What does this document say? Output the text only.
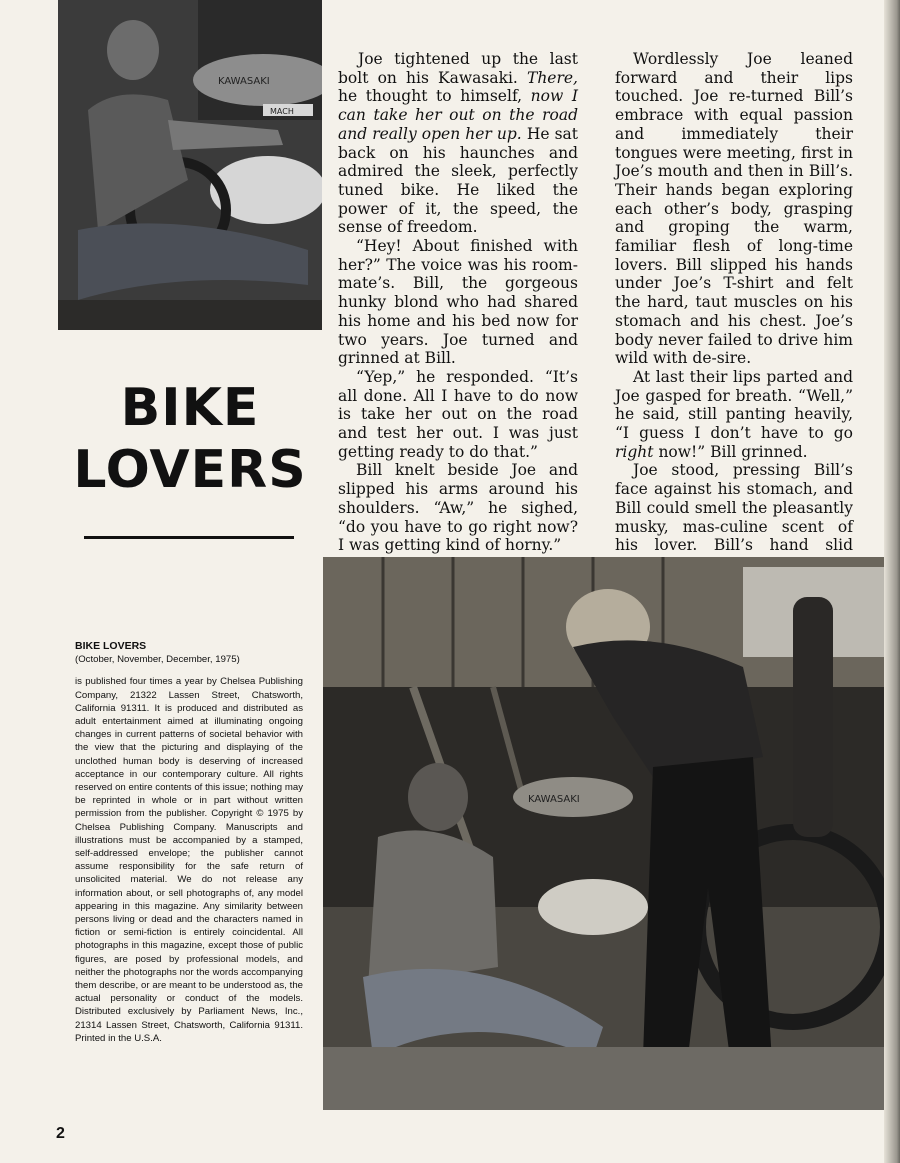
KAWASAKI
MACH
BIKE
LOVERS

Joe tightened up the last bolt on his Kawasaki. There, he thought to himself, now I can take her out on the road and really open her up. He sat back on his haunches and admired the sleek, perfectly tuned bike. He liked the power of it, the speed, the sense of freedom.

“Hey! About finished with her?” The voice was his room-mate’s. Bill, the gorgeous hunky blond who had shared his home and his bed now for two years. Joe turned and grinned at Bill.

“Yep,” he responded. “It’s all done. All I have to do now is take her out on the road and test her out. I was just getting ready to do that.”

Bill knelt beside Joe and slipped his arms around his shoulders. “Aw,” he sighed, “do you have to go right now? I was getting kind of horny.”

Wordlessly Joe leaned forward and their lips touched. Joe re-turned Bill’s embrace with equal passion and immediately their tongues were meeting, first in Joe’s mouth and then in Bill’s. Their hands began exploring each other’s body, grasping and groping the warm, familiar flesh of long-time lovers. Bill slipped his hands under Joe’s T-shirt and felt the hard, taut muscles on his stomach and his chest. Joe’s body never failed to drive him wild with de-sire.

At last their lips parted and Joe gasped for breath. “Well,” he said, still panting heavily, “I guess I don’t have to go right now!” Bill grinned.

Joe stood, pressing Bill’s face against his stomach, and Bill could smell the pleasantly musky, mas-culine scent of his lover. Bill’s hand slid

BIKE LOVERS
(October, November, December, 1975)
is published four times a year by Chelsea Publishing Company, 21322 Lassen Street, Chatsworth, California 91311. It is produced and distributed as adult entertainment aimed at illuminating ongoing changes in current patterns of societal behavior with the view that the picturing and displaying of the unclothed human body is deserving of increased acceptance in our contemporary culture. All rights reserved on entire contents of this issue; nothing may be reprinted in whole or in part without written permission from the publisher. Copyright © 1975 by Chelsea Publishing Company. Manuscripts and illustrations must be accompanied by a stamped, self-addressed envelope; the publisher cannot assume responsibility for the safe return of unsolicited material. We do not release any information about, or sell photographs of, any model appearing in this magazine. Any similarity between persons living or dead and the characters named in fiction or semi-fiction is entirely coincidental. All photographs in this magazine, except those of public figures, are posed by professional models, and neither the photographs nor the words accompanying them describe, or are meant to be understood as, the actual personality or conduct of the models. Distributed exclusively by Parliament News, Inc., 21314 Lassen Street, Chatsworth, California 91311. Printed in the U.S.A.
KAWASAKI
2
